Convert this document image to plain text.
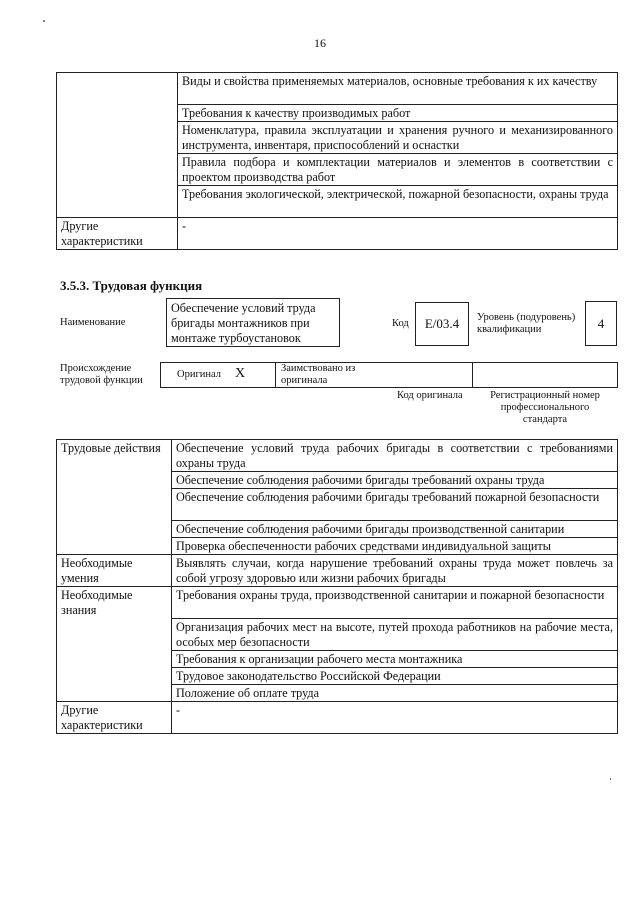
16
	Виды и свойства применяемых материалов, основные требования к их качеству
	Требования к качеству производимых работ
	Номенклатура, правила эксплуатации и хранения ручного и механизированного инструмента, инвентаря, приспособлений и оснастки
	Правила подбора и комплектации материалов и элементов в соответствии с проектом производства работ
	Требования экологической, электрической, пожарной безопасности, охраны труда
Другие характеристики	-
3.5.3. Трудовая функция
Наименование
Обеспечение условий труда бригады монтажников при монтаже турбоустановок
Код	E/03.4	Уровень (подуровень) квалификации	4
Происхождение трудовой функции
Оригинал X	Заимствовано из оригинала
Код оригинала	Регистрационный номер профессионального стандарта
Трудовые действия	Обеспечение условий труда рабочих бригады в соответствии с требованиями охраны труда
	Обеспечение соблюдения рабочими бригады требований охраны труда
	Обеспечение соблюдения рабочими бригады требований пожарной безопасности
	Обеспечение соблюдения рабочими бригады производственной санитарии
	Проверка обеспеченности рабочих средствами индивидуальной защиты
Необходимые умения	Выявлять случаи, когда нарушение требований охраны труда может повлечь за собой угрозу здоровью или жизни рабочих бригады
Необходимые знания	Требования охраны труда, производственной санитарии и пожарной безопасности
	Организация рабочих мест на высоте, путей прохода работников на рабочие места, особых мер безопасности
	Требования к организации рабочего места монтажника
	Трудовое законодательство Российской Федерации
	Положение об оплате труда
Другие характеристики	-
